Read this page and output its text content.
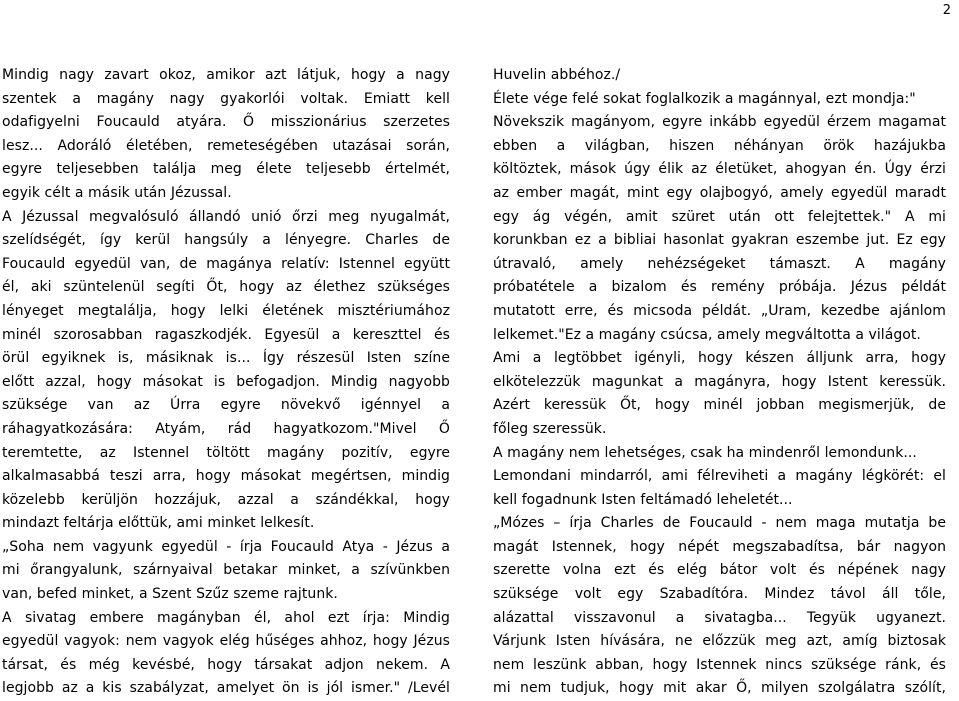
2
Mindig nagy zavart okoz, amikor azt látjuk, hogy a nagy
szentek a magány nagy gyakorlói voltak. Emiatt kell
odafigyelni Foucauld atyára. Ő misszionárius szerzetes
lesz... Adoráló életében, remeteségében utazásai során,
egyre teljesebben találja meg élete teljesebb értelmét,
egyik célt a másik után Jézussal.
A Jézussal megvalósuló állandó unió őrzi meg nyugalmát,
szelídségét, így kerül hangsúly a lényegre. Charles de
Foucauld egyedül van, de magánya relatív: Istennel együtt
él, aki szüntelenül segíti Őt, hogy az élethez szükséges
lényeget megtalálja, hogy lelki életének misztériumához
minél szorosabban ragaszkodjék. Egyesül a kereszttel és
örül egyiknek is, másiknak is... Így részesül Isten színe
előtt azzal, hogy másokat is befogadjon. Mindig nagyobb
szüksége van az Úrra egyre növekvő igénnyel a
ráhagyatkozására: Atyám, rád hagyatkozom."Mivel Ő
teremtette, az Istennel töltött magány pozitív, egyre
alkalmasabbá teszi arra, hogy másokat megértsen, mindig
közelebb kerüljön hozzájuk, azzal a szándékkal, hogy
mindazt feltárja előttük, ami minket lelkesít.
„Soha nem vagyunk egyedül - írja Foucauld Atya - Jézus a
mi őrangyalunk, szárnyaival betakar minket, a szívünkben
van, befed minket, a Szent Szűz szeme rajtunk.
A sivatag embere magányban él, ahol ezt írja: Mindig
egyedül vagyok: nem vagyok elég hűséges ahhoz, hogy Jézus
társat, és még kevésbé, hogy társakat adjon nekem. A
legjobb az a kis szabályzat, amelyet ön is jól ismer." /Levél
Huvelin abbéhoz./
Élete vége felé sokat foglalkozik a magánnyal, ezt mondja:"
Növekszik magányom, egyre inkább egyedül érzem magamat
ebben a világban, hiszen néhányan örök hazájukba
költöztek, mások úgy élik az életüket, ahogyan én. Úgy érzi
az ember magát, mint egy olajbogyó, amely egyedül maradt
egy ág végén, amit szüret után ott felejtettek." A mi
korunkban ez a bibliai hasonlat gyakran eszembe jut. Ez egy
útravaló, amely nehézségeket támaszt. A magány
próbatétele a bizalom és remény próbája. Jézus példát
mutatott erre, és micsoda példát. „Uram, kezedbe ajánlom
lelkemet."Ez a magány csúcsa, amely megváltotta a világot.
Ami a legtöbbet igényli, hogy készen álljunk arra, hogy
elkötelezzük magunkat a magányra, hogy Istent keressük.
Azért keressük Őt, hogy minél jobban megismerjük, de
főleg szeressük.
A magány nem lehetséges, csak ha mindenről lemondunk...
Lemondani mindarról, ami félreviheti a magány légkörét: el
kell fogadnunk Isten feltámadó leheletét...
„Mózes – írja Charles de Foucauld - nem maga mutatja be
magát Istennek, hogy népét megszabadítsa, bár nagyon
szerette volna ezt és elég bátor volt és népének nagy
szüksége volt egy Szabadítóra. Mindez távol áll tőle,
alázattal visszavonul a sivatagba... Tegyük ugyanezt.
Várjunk Isten hívására, ne előzzük meg azt, amíg biztosak
nem leszünk abban, hogy Istennek nincs szüksége ránk, és
mi nem tudjuk, hogy mit akar Ő, milyen szolgálatra szólít,
